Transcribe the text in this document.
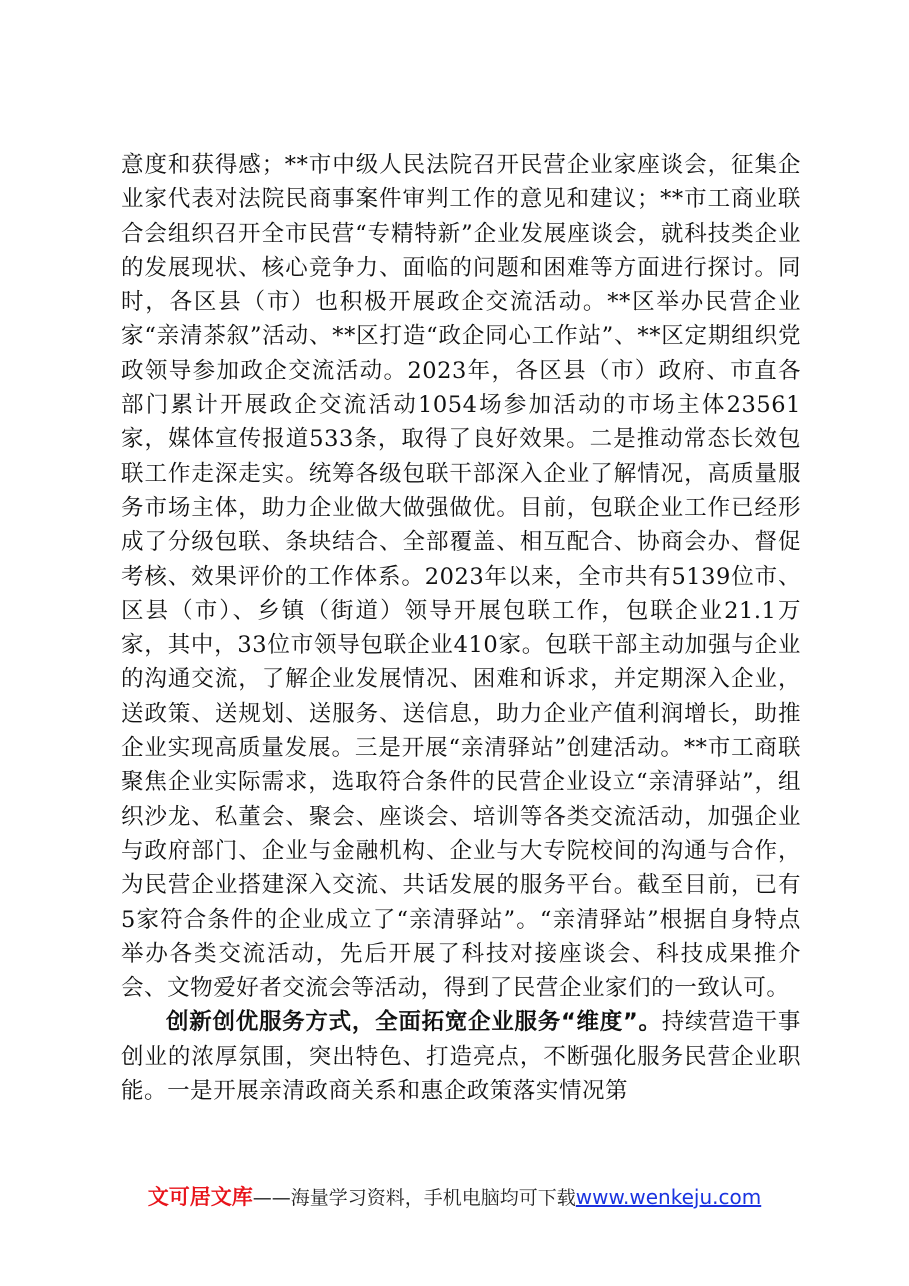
意度和获得感；**市中级人民法院召开民营企业家座谈会，征集企业家代表对法院民商事案件审判工作的意见和建议；**市工商业联合会组织召开全市民营“专精特新”企业发展座谈会，就科技类企业的发展现状、核心竞争力、面临的问题和困难等方面进行探讨。同时，各区县（市）也积极开展政企交流活动。**区举办民营企业家“亲清茶叙”活动、**区打造“政企同心工作站”、**区定期组织党政领导参加政企交流活动。2023年，各区县（市）政府、市直各部门累计开展政企交流活动1054场参加活动的市场主体23561家，媒体宣传报道533条，取得了良好效果。二是推动常态长效包联工作走深走实。统筹各级包联干部深入企业了解情况，高质量服务市场主体，助力企业做大做强做优。目前，包联企业工作已经形成了分级包联、条块结合、全部覆盖、相互配合、协商会办、督促考核、效果评价的工作体系。2023年以来，全市共有5139位市、区县（市）、乡镇（街道）领导开展包联工作，包联企业21.1万家，其中，33位市领导包联企业410家。包联干部主动加强与企业的沟通交流，了解企业发展情况、困难和诉求，并定期深入企业，送政策、送规划、送服务、送信息，助力企业产值利润增长，助推企业实现高质量发展。三是开展“亲清驿站”创建活动。**市工商联聚焦企业实际需求，选取符合条件的民营企业设立“亲清驿站”，组织沙龙、私董会、聚会、座谈会、培训等各类交流活动，加强企业与政府部门、企业与金融机构、企业与大专院校间的沟通与合作，为民营企业搭建深入交流、共话发展的服务平台。截至目前，已有5家符合条件的企业成立了“亲清驿站”。“亲清驿站”根据自身特点举办各类交流活动，先后开展了科技对接座谈会、科技成果推介会、文物爱好者交流会等活动，得到了民营企业家们的一致认可。

创新创优服务方式，全面拓宽企业服务“维度”。持续营造干事创业的浓厚氛围，突出特色、打造亮点，不断强化服务民营企业职能。一是开展亲清政商关系和惠企政策落实情况第

文可居文库——海量学习资料，手机电脑均可下载www.wenkeju.com
